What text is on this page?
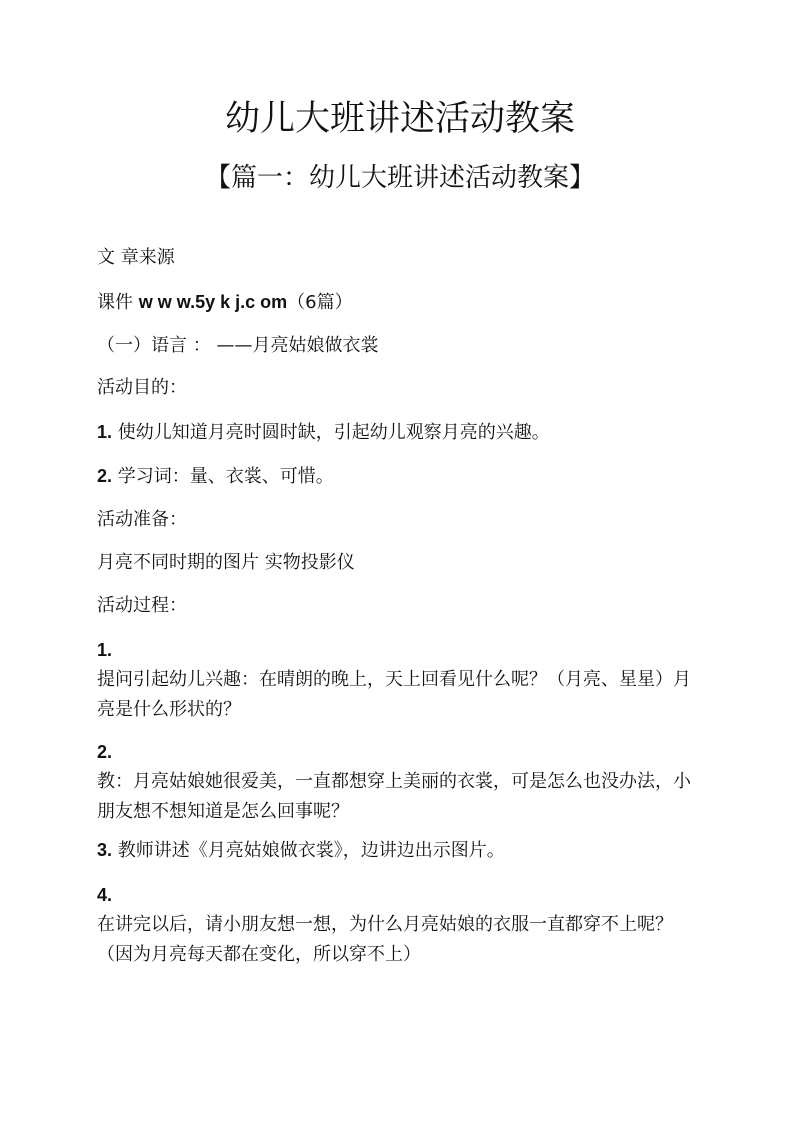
幼儿大班讲述活动教案
【篇一：幼儿大班讲述活动教案】
文 章来源
课件 w w w.5y k j.c om（6篇）
（一）语言 ： ——月亮姑娘做衣裳
活动目的：
1. 使幼儿知道月亮时圆时缺，引起幼儿观察月亮的兴趣。
2. 学习词：量、衣裳、可惜。
活动准备：
月亮不同时期的图片 实物投影仪
活动过程：
1.
提问引起幼儿兴趣：在晴朗的晚上，天上回看见什么呢？（月亮、星星）月亮是什么形状的？
2.
教：月亮姑娘她很爱美，一直都想穿上美丽的衣裳，可是怎么也没办法，小朋友想不想知道是怎么回事呢？
3. 教师讲述《月亮姑娘做衣裳》，边讲边出示图片。
4.
在讲完以后，请小朋友想一想，为什么月亮姑娘的衣服一直都穿不上呢？（因为月亮每天都在变化，所以穿不上）
